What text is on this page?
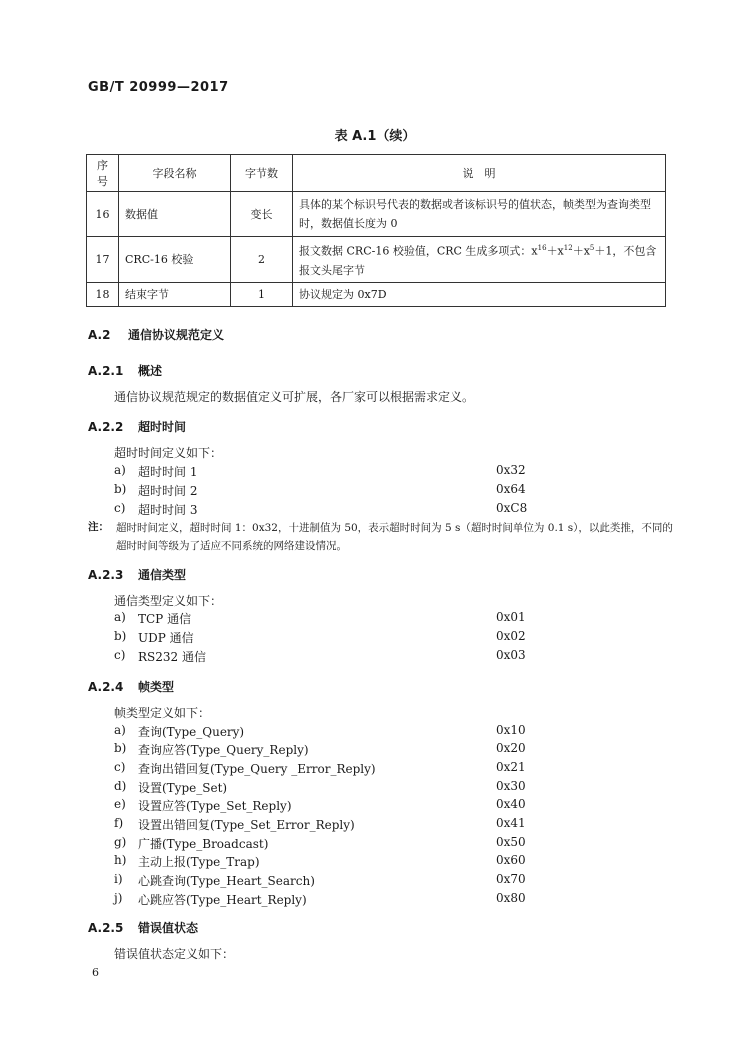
GB/T 20999—2017
表 A.1（续）
序号	字段名称	字节数	说　明
16	数据值	变长	具体的某个标识号代表的数据或者该标识号的值状态，帧类型为查询类型时，数据值长度为 0
17	CRC-16 校验	2	报文数据 CRC-16 校验值，CRC 生成多项式：$x^{16}+x^{12}+x^5+1$，不包含报文头尾字节
18	结束字节	1	协议规定为 0x7D
A.2 通信协议规范定义
A.2.1 概述
通信协议规范规定的数据值定义可扩展，各厂家可以根据需求定义。
A.2.2 超时时间
超时时间定义如下：
a) 超时时间 1	0x32
b) 超时时间 2	0x64
c) 超时时间 3	0xC8
注： 超时时间定义，超时时间 1：0x32，十进制值为 50，表示超时时间为 5 s（超时时间单位为 0.1 s），以此类推，不同的超时时间等级为了适应不同系统的网络建设情况。
A.2.3 通信类型
通信类型定义如下：
a) TCP 通信	0x01
b) UDP 通信	0x02
c) RS232 通信	0x03
A.2.4 帧类型
帧类型定义如下：
a) 查询(Type_Query)	0x10
b) 查询应答(Type_Query_Reply)	0x20
c) 查询出错回复(Type_Query _Error_Reply)	0x21
d) 设置(Type_Set)	0x30
e) 设置应答(Type_Set_Reply)	0x40
f) 设置出错回复(Type_Set_Error_Reply)	0x41
g) 广播(Type_Broadcast)	0x50
h) 主动上报(Type_Trap)	0x60
i) 心跳查询(Type_Heart_Search)	0x70
j) 心跳应答(Type_Heart_Reply)	0x80
A.2.5 错误值状态
错误值状态定义如下：
6
